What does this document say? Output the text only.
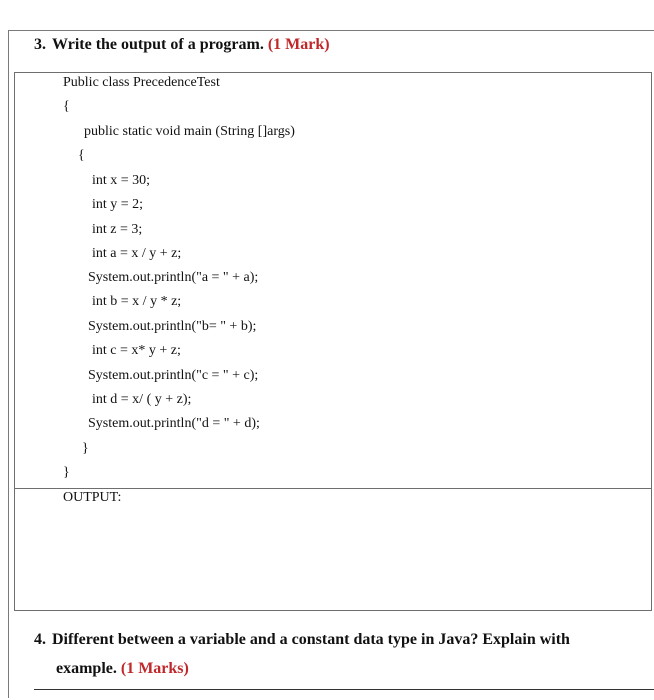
3. Write the output of a program. (1 Mark)
Public class PrecedenceTest
{
public static void main (String []args)
{
int x = 30;
int y = 2;
int z = 3;
int a = x / y + z;
System.out.println("a = " + a);
int b = x / y * z;
System.out.println("b= " + b);
int c = x* y + z;
System.out.println("c = " + c);
int d = x/ ( y + z);
System.out.println("d = " + d);
}
}
OUTPUT:
4. Different between a variable and a constant data type in Java? Explain with
example. (1 Marks)
